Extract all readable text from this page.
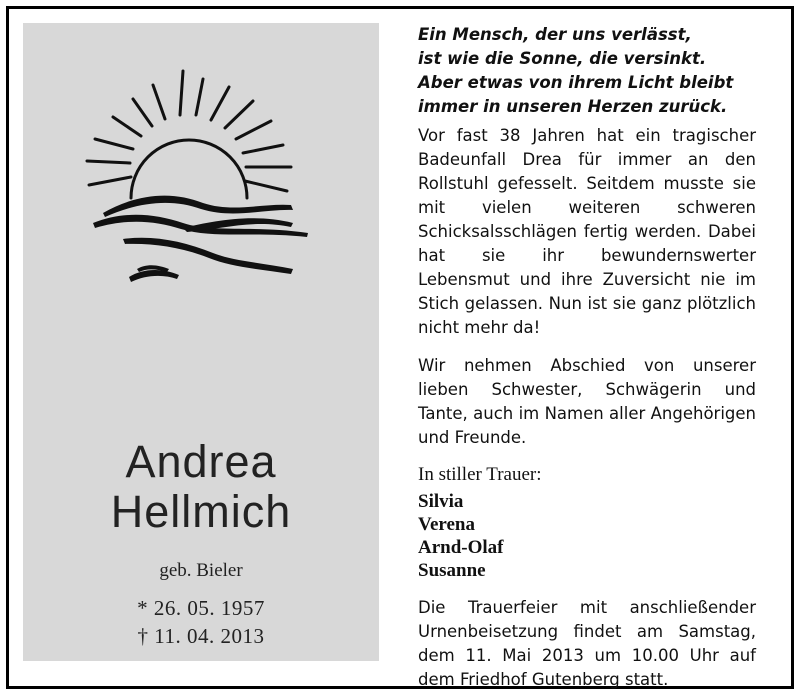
Andrea
Hellmich
geb. Bieler
* 26. 05. 1957
† 11. 04. 2013

Ein Mensch, der uns verlässt,

ist wie die Sonne, die versinkt.

Aber etwas von ihrem Licht bleibt

immer in unseren Herzen zurück.

Vor fast 38 Jahren hat ein tragischer Badeunfall Drea für immer an den Rollstuhl gefesselt. Seitdem musste sie mit vielen weiteren schweren Schicksalsschlägen fertig werden. Dabei hat sie ihr bewundernswerter Lebensmut und ihre Zuversicht nie im Stich gelassen. Nun ist sie ganz plötzlich nicht mehr da!

Wir nehmen Abschied von unserer lieben Schwester, Schwägerin und Tante, auch im Namen aller Angehörigen und Freunde.

In stiller Trauer:

Silvia

Verena

Arnd-Olaf

Susanne

Die Trauerfeier mit anschließender Urnenbeisetzung findet am Samstag, dem 11. Mai 2013 um 10.00 Uhr auf dem Friedhof Gutenberg statt.
